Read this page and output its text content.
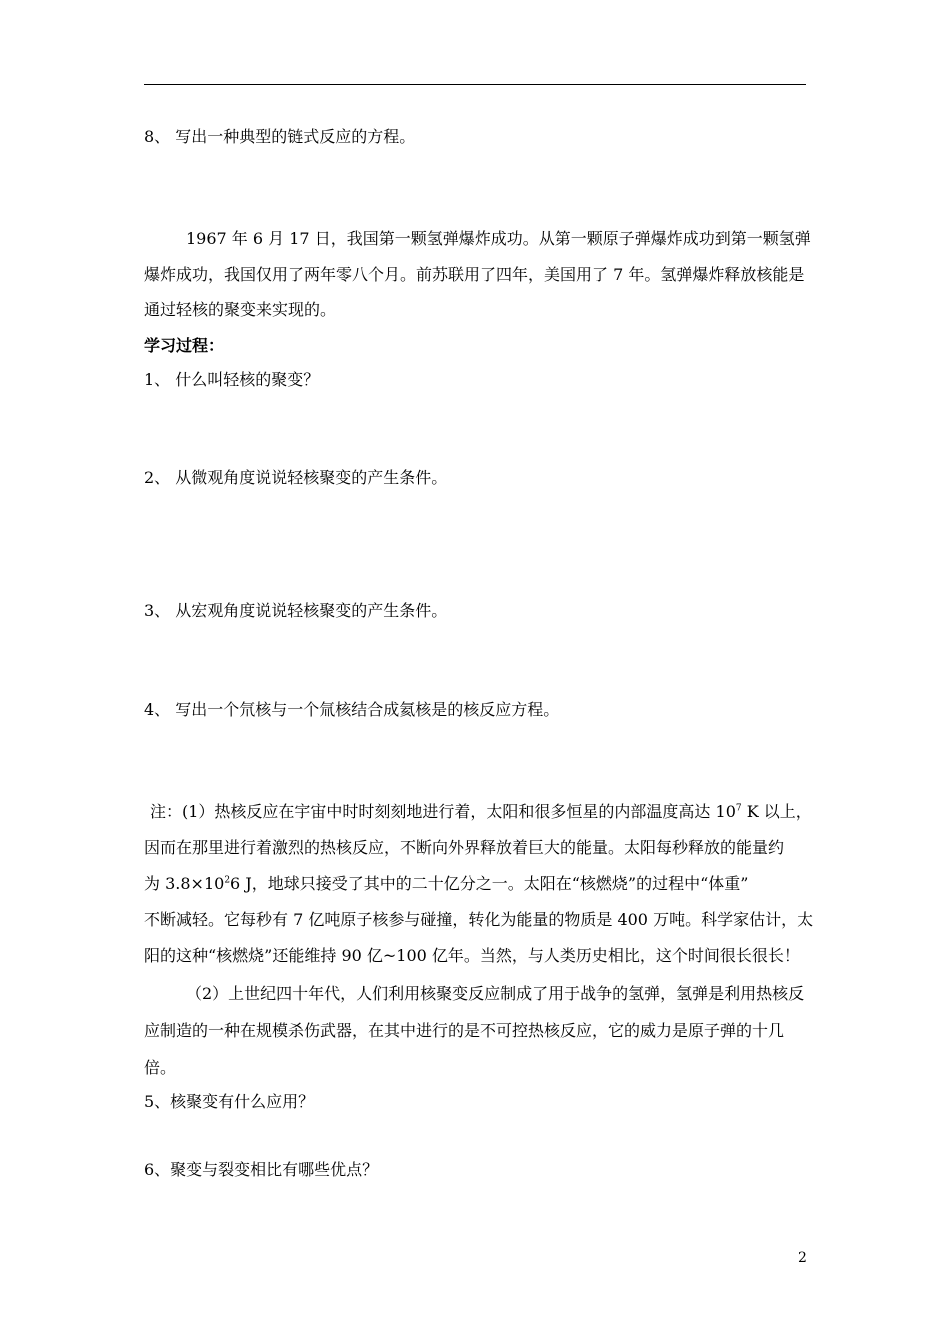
8、 写出一种典型的链式反应的方程。
1967 年 6 月 17 日，我国第一颗氢弹爆炸成功。从第一颗原子弹爆炸成功到第一颗氢弹
爆炸成功，我国仅用了两年零八个月。前苏联用了四年，美国用了 7 年。氢弹爆炸释放核能是
通过轻核的聚变来实现的。
学习过程：
1、 什么叫轻核的聚变？
2、 从微观角度说说轻核聚变的产生条件。
3、 从宏观角度说说轻核聚变的产生条件。
4、 写出一个氘核与一个氚核结合成氦核是的核反应方程。
注：(1）热核反应在宇宙中时时刻刻地进行着，太阳和很多恒星的内部温度高达 $10^7$ K 以上，
因而在那里进行着激烈的热核反应，不断向外界释放着巨大的能量。太阳每秒释放的能量约
为 $3.8\times 10^26$ J，地球只接受了其中的二十亿分之一。太阳在“核燃烧”的过程中“体重”
不断减轻。它每秒有 7 亿吨原子核参与碰撞，转化为能量的物质是 400 万吨。科学家估计，太
阳的这种“核燃烧”还能维持 90 亿~100 亿年。当然，与人类历史相比，这个时间很长很长！
（2）上世纪四十年代，人们利用核聚变反应制成了用于战争的氢弹，氢弹是利用热核反
应制造的一种在规模杀伤武器，在其中进行的是不可控热核反应，它的威力是原子弹的十几
倍。
5、核聚变有什么应用？
6、聚变与裂变相比有哪些优点？
2
